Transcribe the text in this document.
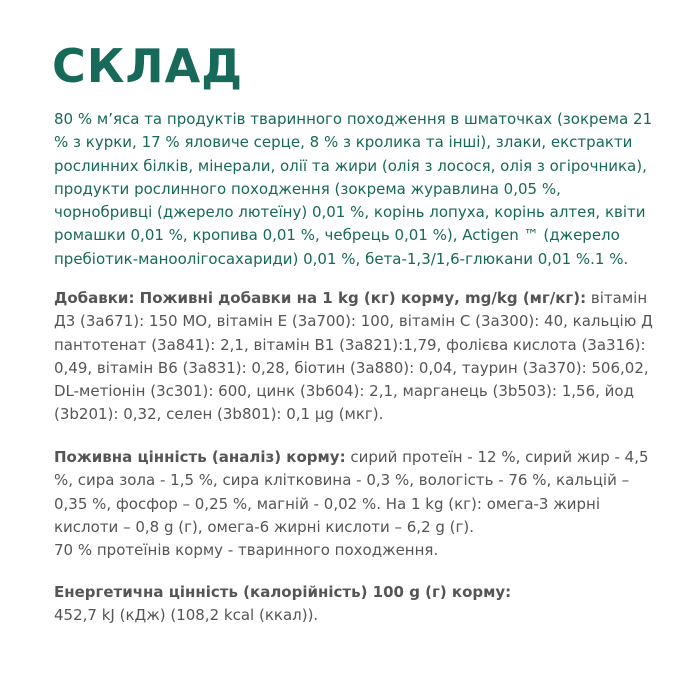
СКЛАД

80 % м’яса та продуктів тваринного походження в шматочках (зокрема 21 % з курки, 17 % яловиче серце, 8 % з кролика та інші), злаки, екстракти рослинних білків, мінерали, олії та жири (олія з лосося, олія з огірочника), продукти рослинного походження (зокрема журавлина 0,05 %, чорнобривці (джерело лютеїну) 0,01 %, корінь лопуха, корінь алтея, квіти ромашки 0,01 %, кропива 0,01 %, чебрець 0,01 %), Actigen ™ (джерело пребіотик-маноолігосахариди) 0,01 %, бета-1,3/1,6-глюкани 0,01 %.1 %.

Добавки: Поживні добавки на 1 kg (кг) корму, mg/kg (мг/кг): вітамін Д3 (3a671): 150 МО, вітамін Е (3a700): 100, вітамін С (3a300): 40, кальцію Д пантотенат (3a841): 2,1, вітамін В1 (3a821):1,79, фолієва кислота (3a316): 0,49, вітамін В6 (3a831): 0,28, біотин (3a880): 0,04, таурин (3a370): 506,02, DL-метіонін (3c301): 600, цинк (3b604): 2,1, марганець (3b503): 1,56, йод (3b201): 0,32, селен (3b801): 0,1 µg (мкг).

Поживна цінність (аналіз) корму: сирий протеїн - 12 %, сирий жир - 4,5 %, сира зола - 1,5 %, сира клітковина - 0,3 %, вологість - 76 %, кальцій – 0,35 %, фосфор – 0,25 %, магній - 0,02 %. На 1 kg (кг): омега-3 жирні кислоти – 0,8 g (г), омега-6 жирні кислоти – 6,2 g (г).
70 % протеїнів корму - тваринного походження.

Енергетична цінність (калорійність) 100 g (г) корму:
452,7 kJ (кДж) (108,2 kcal (ккал)).
